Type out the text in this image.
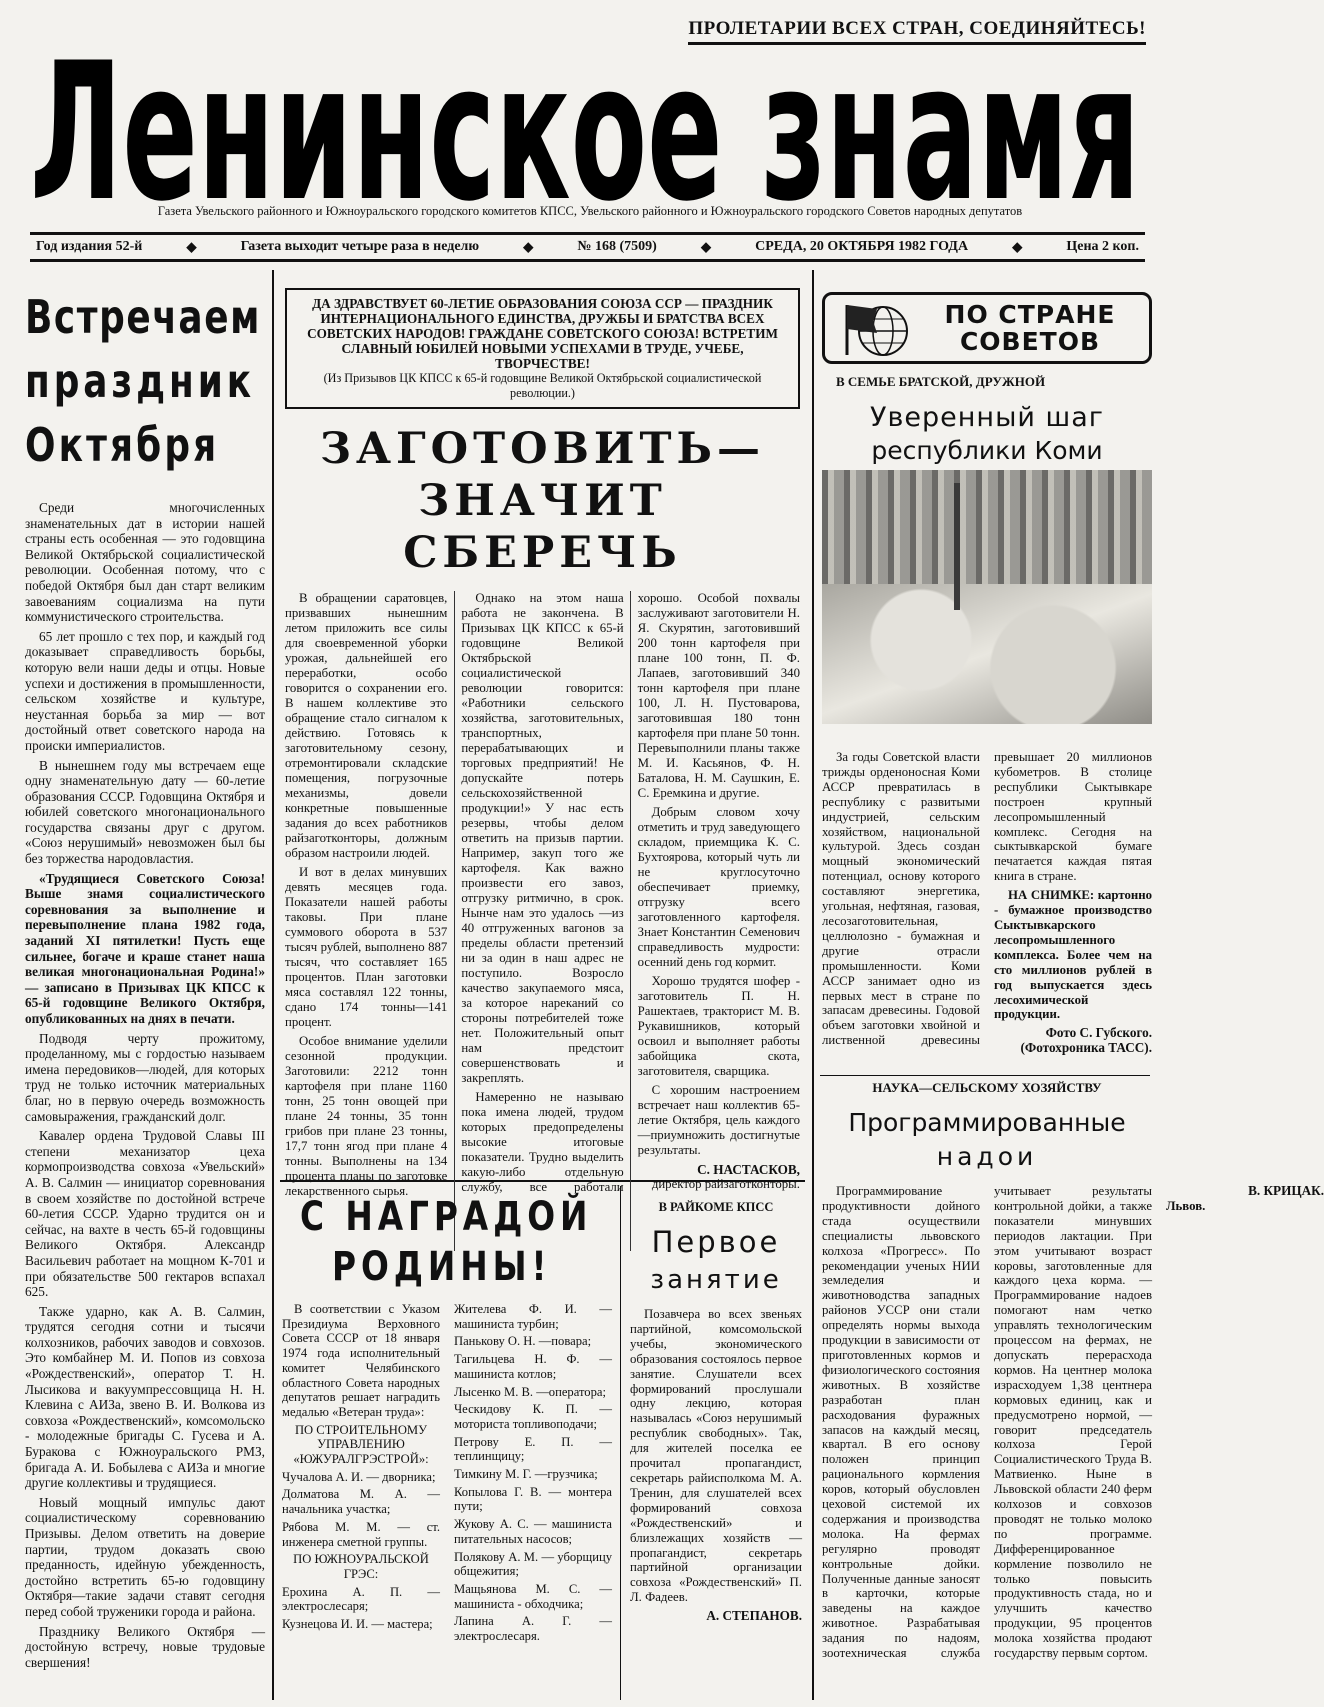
ПРОЛЕТАРИИ ВСЕХ СТРАН, СОЕДИНЯЙТЕСЬ!
Ленинское знамя
Газета Увельского районного и Южноуральского городского комитетов КПСС, Увельского районного и Южноуральского городского Советов народных депутатов
Год издания 52-й	◆	Газета выходит четыре раза в неделю	◆	№ 168 (7509)	◆	СРЕДА, 20 ОКТЯБРЯ 1982 ГОДА	◆	Цена 2 коп.
Встречаем
праздник
Октября

Среди многочисленных знаменательных дат в истории нашей страны есть особенная — это годовщина Великой Октябрьской социалистической революции. Особенная потому, что с победой Октября был дан старт великим завоеваниям социализма на пути коммунистического строительства.

65 лет прошло с тех пор, и каждый год доказывает справедливость борьбы, которую вели наши деды и отцы. Новые успехи и достижения в промышленности, сельском хозяйстве и культуре, неустанная борьба за мир — вот достойный ответ советского народа на происки империалистов.

В нынешнем году мы встречаем еще одну знаменательную дату — 60-летие образования СССР. Годовщина Октября и юбилей советского многонационального государства связаны друг с другом. «Союз нерушимый» невозможен был бы без торжества народовластия.

«Трудящиеся Советского Союза! Выше знамя социалистического соревнования за выполнение и перевыполнение плана 1982 года, заданий XI пятилетки! Пусть еще сильнее, богаче и краше станет наша великая многонациональная Родина!» — записано в Призывах ЦК КПСС к 65-й годовщине Великого Октября, опубликованных на днях в печати.

Подводя черту прожитому, проделанному, мы с гордостью называем имена передовиков—людей, для которых труд не только источник материальных благ, но в первую очередь возможность самовыражения, гражданский долг.

Кавалер ордена Трудовой Славы III степени механизатор цеха кормопроизводства совхоза «Увельский» А. В. Салмин — инициатор соревнования в своем хозяйстве по достойной встрече 60-летия СССР. Ударно трудится он и сейчас, на вахте в честь 65-й годовщины Великого Октября. Александр Васильевич работает на мощном К-701 и при обязательстве 500 гектаров вспахал 625.

Также ударно, как А. В. Салмин, трудятся сегодня сотни и тысячи колхозников, рабочих заводов и совхозов. Это комбайнер М. И. Попов из совхоза «Рождественский», оператор Т. Н. Лысикова и вакуумпрессовщица Н. Н. Клевина с АИЗа, звено В. И. Волкова из совхоза «Рождественский», комсомольско - молодежные бригады С. Гусева и А. Буракова с Южноуральского РМЗ, бригада А. И. Бобылева с АИЗа и многие другие коллективы и трудящиеся.

Новый мощный импульс дают социалистическому соревнованию Призывы. Делом ответить на доверие партии, трудом доказать свою преданность, идейную убежденность, достойно встретить 65-ю годовщину Октября—такие задачи ставят сегодня перед собой труженики города и района.

Празднику Великого Октября — достойную встречу, новые трудовые свершения!

ДА ЗДРАВСТВУЕТ 60-ЛЕТИЕ ОБРАЗОВАНИЯ СОЮЗА ССР — ПРАЗДНИК ИНТЕРНАЦИОНАЛЬНОГО ЕДИНСТВА, ДРУЖБЫ И БРАТСТВА ВСЕХ СОВЕТСКИХ НАРОДОВ! ГРАЖДАНЕ СОВЕТСКОГО СОЮЗА! ВСТРЕТИМ СЛАВНЫЙ ЮБИЛЕЙ НОВЫМИ УСПЕХАМИ В ТРУДЕ, УЧЕБЕ, ТВОРЧЕСТВЕ!
(Из Призывов ЦК КПСС к 65-й годовщине Великой Октябрьской социалистической революции.)
ЗАГОТОВИТЬ—
ЗНАЧИТ СБЕРЕЧЬ

В обращении саратовцев, призвавших нынешним летом приложить все силы для своевременной уборки урожая, дальнейшей его переработки, особо говорится о сохранении его. В нашем коллективе это обращение стало сигналом к действию. Готовясь к заготовительному сезону, отремонтировали складские помещения, погрузочные механизмы, довели конкретные повышенные задания до всех работников райзаготконторы, должным образом настроили людей.

И вот в делах минувших девять месяцев года. Показатели нашей работы таковы. При плане суммового оборота в 537 тысяч рублей, выполнено 887 тысяч, что составляет 165 процентов. План заготовки мяса составлял 122 тонны, сдано 174 тонны—141 процент.

Особое внимание уделили сезонной продукции. Заготовили: 2212 тонн картофеля при плане 1160 тонн, 25 тонн овощей при плане 24 тонны, 35 тонн грибов при плане 23 тонны, 17,7 тонн ягод при плане 4 тонны. Выполнены на 134 процента планы по заготовке лекарственного сырья.

Однако на этом наша работа не закончена. В Призывах ЦК КПСС к 65-й годовщине Великой Октябрьской социалистической революции говорится: «Работники сельского хозяйства, заготовительных, транспортных, перерабатывающих и торговых предприятий! Не допускайте потерь сельскохозяйственной продукции!» У нас есть резервы, чтобы делом ответить на призыв партии. Например, закуп того же картофеля. Как важно произвести его завоз, отгрузку ритмично, в срок. Нынче нам это удалось —из 40 отгруженных вагонов за пределы области претензий ни за один в наш адрес не поступило. Возросло качество закупаемого мяса, за которое нареканий со стороны потребителей тоже нет. Положительный опыт нам предстоит совершенствовать и закреплять.

Намеренно не называю пока имена людей, трудом которых предопределены высокие итоговые показатели. Трудно выделить какую-либо отдельную службу, все работали хорошо. Особой похвалы заслуживают заготовители Н. Я. Скурятин, заготовивший 200 тонн картофеля при плане 100 тонн, П. Ф. Лапаев, заготовивший 340 тонн картофеля при плане 100, Л. Н. Пустоварова, заготовившая 180 тонн картофеля при плане 50 тонн. Перевыполнили планы также М. И. Касьянов, Ф. Н. Баталова, Н. М. Саушкин, Е. С. Еремкина и другие.

Добрым словом хочу отметить и труд заведующего складом, приемщика К. С. Бухтоярова, который чуть ли не круглосуточно обеспечивает приемку, отгрузку всего заготовленного картофеля. Знает Константин Семенович справедливость мудрости: осенний день год кормит.

Хорошо трудятся шофер - заготовитель П. Н. Рашектаев, тракторист М. В. Рукавишников, который освоил и выполняет работы забойщика скота, заготовителя, сварщика.

С хорошим настроением встречает наш коллектив 65-летие Октября, цель каждого—приумножить достигнутые результаты.

С. НАСТАСКОВ,
директор райзаготконторы.
С НАГРАДОЙ
РОДИНЫ!

В соответствии с Указом Президиума Верховного Совета СССР от 18 января 1974 года исполнительный комитет Челябинского областного Совета народных депутатов решает наградить медалью «Ветеран труда»:

ПО СТРОИТЕЛЬНОМУ УПРАВЛЕНИЮ «ЮЖУРАЛГРЭСТРОЙ»:

Чучалова А. И. — дворника;

Долматова М. А. — начальника участка;

Рябова М. М. — ст. инженера сметной группы.

ПО ЮЖНОУРАЛЬСКОЙ ГРЭС:

Ерохина А. П. —электрослесаря;

Кузнецова И. И. — мастера;

Жителева Ф. И. —машиниста турбин;

Панькову О. Н. —повара;

Тагильцева Н. Ф. — машиниста котлов;

Лысенко М. В. —оператора;

Ческидову К. П. — моториста топливоподачи;

Петрову Е. П. — теплинщицу;

Тимкину М. Г. —грузчика;

Копылова Г. В. — монтера пути;

Жукову А. С. — машиниста питательных насосов;

Полякову А. М. — уборщицу общежития;

Мащьянова М. С. — машиниста - обходчика;

Лапина А. Г. —электрослесаря.

В РАЙКОМЕ КПСС
Первое
занятие

Позавчера во всех звеньях партийной, комсомольской учебы, экономического образования состоялось первое занятие. Слушатели всех формирований прослушали одну лекцию, которая называлась «Союз нерушимый республик свободных». Так, для жителей поселка ее прочитал пропагандист, секретарь райисполкома М. А. Тренин, для слушателей всех формирований совхоза «Рождественский» и близлежащих хозяйств — пропагандист, секретарь партийной организации совхоза «Рождественский» П. Л. Фадеев.

А. СТЕПАНОВ.
ПО СТРАНЕ
СОВЕТОВ
В СЕМЬЕ БРАТСКОЙ, ДРУЖНОЙ
Уверенный шаг
республики Коми

За годы Советской власти трижды орденоносная Коми АССР превратилась в республику с развитыми индустрией, сельским хозяйством, национальной культурой. Здесь создан мощный экономический потенциал, основу которого составляют энергетика, угольная, нефтяная, газовая, лесозаготовительная, целлюлозно - бумажная и другие отрасли промышленности. Коми АССР занимает одно из первых мест в стране по запасам древесины. Годовой объем заготовки хвойной и лиственной древесины превышает 20 миллионов кубометров. В столице республики Сыктывкаре построен крупный лесопромышленный комплекс. Сегодня на сыктывкарской бумаге печатается каждая пятая книга в стране.

НА СНИМКЕ: картонно - бумажное производство Сыктывкарского лесопромышленного комплекса. Более чем на сто миллионов рублей в год выпускается здесь лесохимической продукции.

Фото С. Губского. (Фотохроника ТАСС).
НАУКА—СЕЛЬСКОМУ ХОЗЯЙСТВУ
Программированные
надои

Программирование продуктивности дойного стада осуществили специалисты львовского колхоза «Прогресс». По рекомендации ученых НИИ земледелия и животноводства западных районов УССР они стали определять нормы выхода продукции в зависимости от приготовленных кормов и физиологического состояния животных. В хозяйстве разработан план расходования фуражных запасов на каждый месяц, квартал. В его основу положен принцип рационального кормления коров, который обусловлен цеховой системой их содержания и производства молока. На фермах регулярно проводят контрольные дойки. Полученные данные заносят в карточки, которые заведены на каждое животное. Разрабатывая задания по надоям, зоотехническая служба учитывает результаты контрольной дойки, а также показатели минувших периодов лактации. При этом учитывают возраст коровы, заготовленные для каждого цеха корма. — Программирование надоев помогают нам четко управлять технологическим процессом на фермах, не допускать перерасхода кормов. На центнер молока израсходуем 1,38 центнера кормовых единиц, как и предусмотрено нормой, — говорит председатель колхоза Герой Социалистического Труда В. Матвиенко. Ныне в Львовской области 240 ферм колхозов и совхозов проводят не только молоко по программе. Дифференцированное кормление позволило не только повысить продуктивность стада, но и улучшить качество продукции, 95 процентов молока хозяйства продают государству первым сортом.

В. КРИЦАК.
Львов.
